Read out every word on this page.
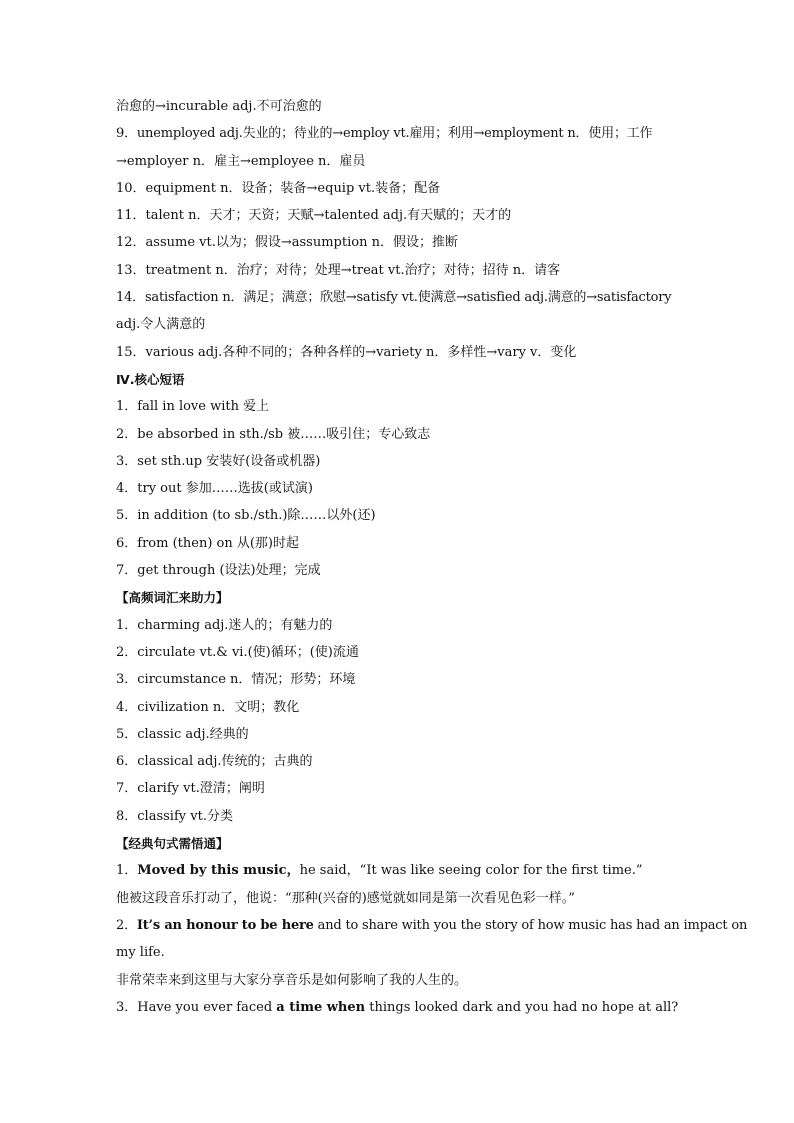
治愈的→incurable adj.不可治愈的
9．unemployed adj.失业的；待业的→employ vt.雇用；利用→employment n．使用；工作
→employer n．雇主→employee n．雇员
10．equipment n．设备；装备→equip vt.装备；配备
11．talent n．天才；天资；天赋→talented adj.有天赋的；天才的
12．assume vt.以为；假设→assumption n．假设；推断
13．treatment n．治疗；对待；处理→treat vt.治疗；对待；招待 n．请客
14．satisfaction n．满足；满意；欣慰→satisfy vt.使满意→satisfied adj.满意的→satisfactory
adj.令人满意的
15．various adj.各种不同的；各种各样的→variety n．多样性→vary v．变化
Ⅳ.核心短语
1．fall in love with 爱上
2．be absorbed in sth./sb 被……吸引住；专心致志
3．set sth.up 安装好(设备或机器)
4．try out 参加……选拔(或试演)
5．in addition (to sb./sth.)除……以外(还)
6．from (then) on 从(那)时起
7．get through (设法)处理；完成
【高频词汇来助力】
1．charming adj.迷人的；有魅力的
2．circulate vt.& vi.(使)循环；(使)流通
3．circumstance n．情况；形势；环境
4．civilization n．文明；教化
5．classic adj.经典的
6．classical adj.传统的；古典的
7．clarify vt.澄清；阐明
8．classify vt.分类
【经典句式需悟通】
1．Moved by this music，he said，“It was like seeing color for the first time.”
他被这段音乐打动了，他说：“那种(兴奋的)感觉就如同是第一次看见色彩一样。”
2．It’s an honour to be here and to share with you the story of how music has had an impact on
my life.
非常荣幸来到这里与大家分享音乐是如何影响了我的人生的。
3．Have you ever faced a time when things looked dark and you had no hope at all?
